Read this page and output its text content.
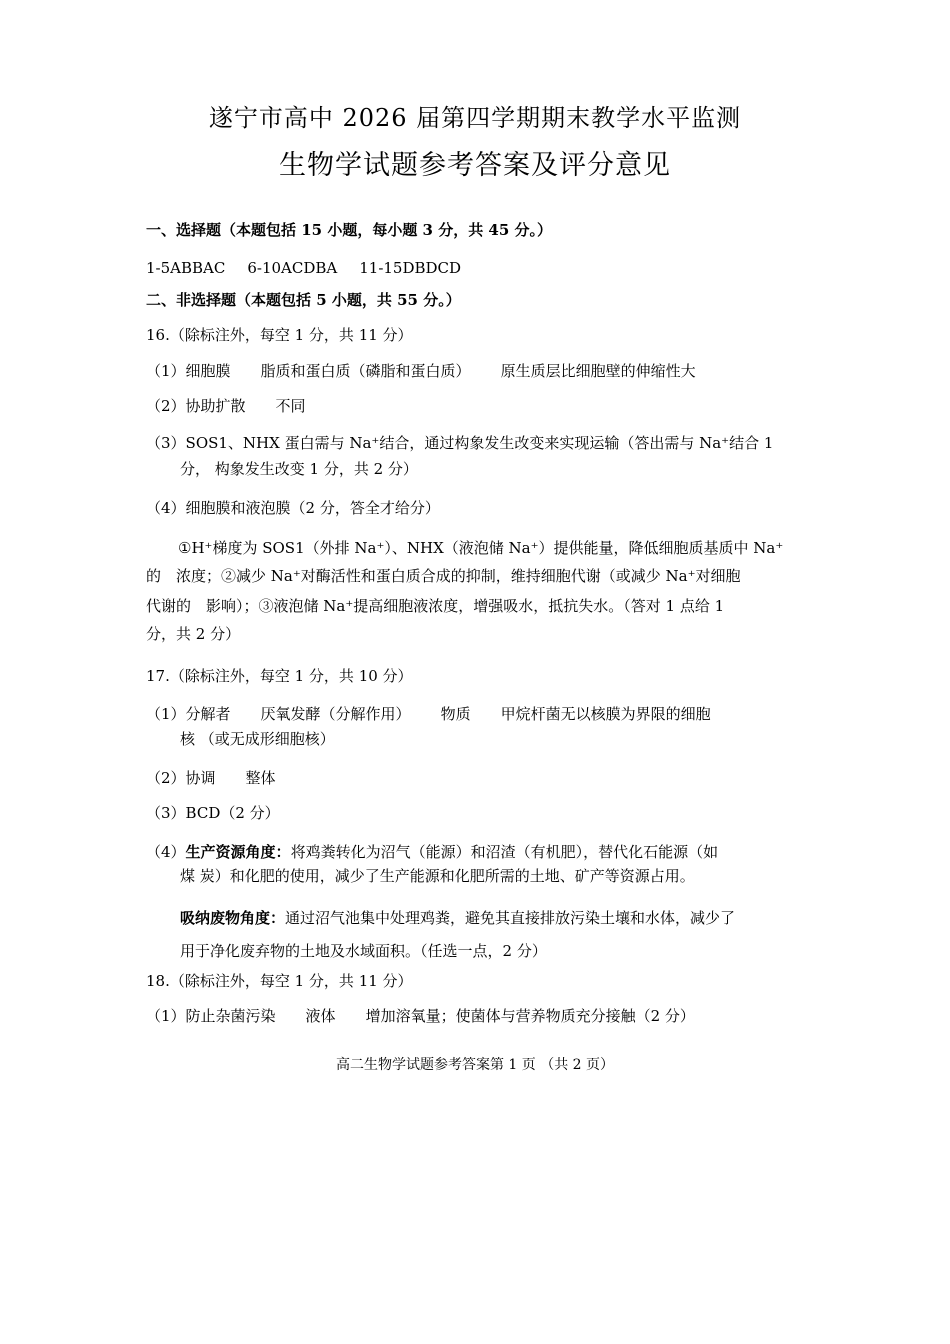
遂宁市高中 2026 届第四学期期末教学水平监测
生物学试题参考答案及评分意见
一、选择题（本题包括 15 小题，每小题 3 分，共 45 分。）
1-5ABBAC 6-10ACDBA 11-15DBDCD
二、非选择题（本题包括 5 小题，共 55 分。）
16.（除标注外，每空 1 分，共 11 分）
（1）细胞膜 脂质和蛋白质（磷脂和蛋白质） 原生质层比细胞壁的伸缩性大
（2）协助扩散 不同
（3）SOS1、NHX 蛋白需与 Na⁺结合，通过构象发生改变来实现运输（答出需与 Na⁺结合 1
分， 构象发生改变 1 分，共 2 分）
（4）细胞膜和液泡膜（2 分，答全才给分）
①H⁺梯度为 SOS1（外排 Na⁺）、NHX（液泡储 Na⁺）提供能量，降低细胞质基质中 Na⁺
的　浓度；②减少 Na⁺对酶活性和蛋白质合成的抑制，维持细胞代谢（或减少 Na⁺对细胞
代谢的　影响）；③液泡储 Na⁺提高细胞液浓度，增强吸水，抵抗失水。（答对 1 点给 1
分，共 2 分）
17.（除标注外，每空 1 分，共 10 分）
（1）分解者 厌氧发酵（分解作用） 物质 甲烷杆菌无以核膜为界限的细胞
核 （或无成形细胞核）
（2）协调 整体
（3）BCD（2 分）
（4）生产资源角度：将鸡粪转化为沼气（能源）和沼渣（有机肥），替代化石能源（如
煤 炭）和化肥的使用，减少了生产能源和化肥所需的土地、矿产等资源占用。
吸纳废物角度：通过沼气池集中处理鸡粪，避免其直接排放污染土壤和水体，减少了
用于净化废弃物的土地及水域面积。（任选一点，2 分）
18.（除标注外，每空 1 分，共 11 分）
（1）防止杂菌污染 液体 增加溶氧量；使菌体与营养物质充分接触（2 分）
高二生物学试题参考答案第 1 页 （共 2 页）
